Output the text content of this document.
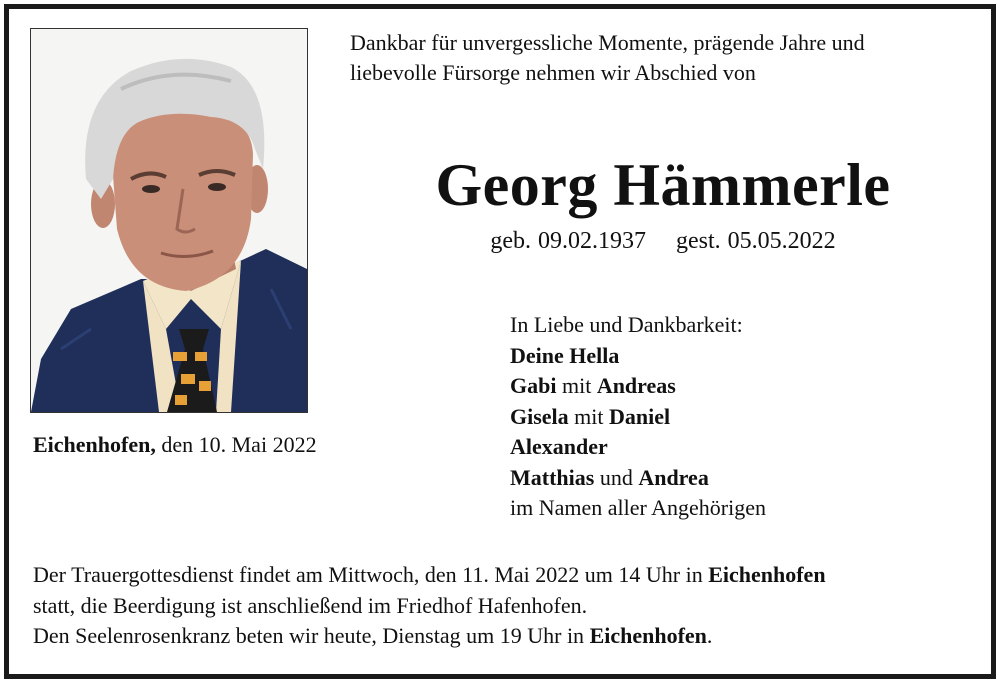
Dankbar für unvergessliche Momente, prägende Jahre und
liebevolle Fürsorge nehmen wir Abschied von
Georg Hämmerle
geb. 09.02.1937 gest. 05.05.2022
Eichenhofen, den 10. Mai 2022
In Liebe und Dankbarkeit:
Deine Hella
Gabi mit Andreas
Gisela mit Daniel
Alexander
Matthias und Andrea
im Namen aller Angehörigen
Der Trauergottesdienst findet am Mittwoch, den 11. Mai 2022 um 14 Uhr in Eichenhofen
statt, die Beerdigung ist anschließend im Friedhof Hafenhofen.
Den Seelenrosenkranz beten wir heute, Dienstag um 19 Uhr in Eichenhofen.
